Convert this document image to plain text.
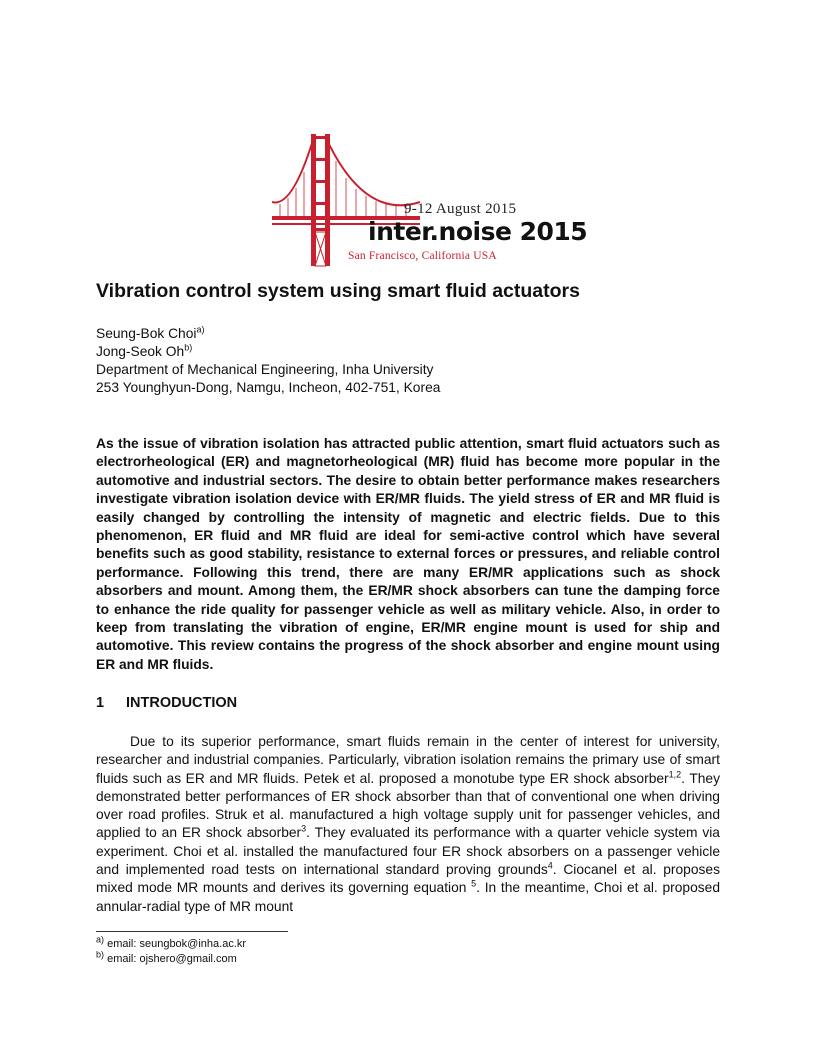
9-12 August 2015
inter.noise 2015
San Francisco, California USA
Vibration control system using smart fluid actuators
Seung-Bok Choi$^{a)}$
Jong-Seok Oh$^{b)}$
Department of Mechanical Engineering, Inha University
253 Younghyun-Dong, Namgu, Incheon, 402-751, Korea

As the issue of vibration isolation has attracted public attention, smart fluid actuators such as electrorheological (ER) and magnetorheological (MR) fluid has become more popular in the automotive and industrial sectors. The desire to obtain better performance makes researchers investigate vibration isolation device with ER/MR fluids. The yield stress of ER and MR fluid is easily changed by controlling the intensity of magnetic and electric fields. Due to this phenomenon, ER fluid and MR fluid are ideal for semi-active control which have several benefits such as good stability, resistance to external forces or pressures, and reliable control performance. Following this trend, there are many ER/MR applications such as shock absorbers and mount. Among them, the ER/MR shock absorbers can tune the damping force to enhance the ride quality for passenger vehicle as well as military vehicle. Also, in order to keep from translating the vibration of engine, ER/MR engine mount is used for ship and automotive. This review contains the progress of the shock absorber and engine mount using ER and MR fluids.

1 INTRODUCTION

Due to its superior performance, smart fluids remain in the center of interest for university, researcher and industrial companies. Particularly, vibration isolation remains the primary use of smart fluids such as ER and MR fluids. Petek et al. proposed a monotube type ER shock absorber$^{1,2}$. They demonstrated better performances of ER shock absorber than that of conventional one when driving over road profiles. Struk et al. manufactured a high voltage supply unit for passenger vehicles, and applied to an ER shock absorber$^3$. They evaluated its performance with a quarter vehicle system via experiment. Choi et al. installed the manufactured four ER shock absorbers on a passenger vehicle and implemented road tests on international standard proving grounds$^4$. Ciocanel et al. proposes mixed mode MR mounts and derives its governing equation $^5$. In the meantime, Choi et al. proposed annular-radial type of MR mount

$^{a)}$ email: seungbok@inha.ac.kr
$^{b)}$ email: ojshero@gmail.com
